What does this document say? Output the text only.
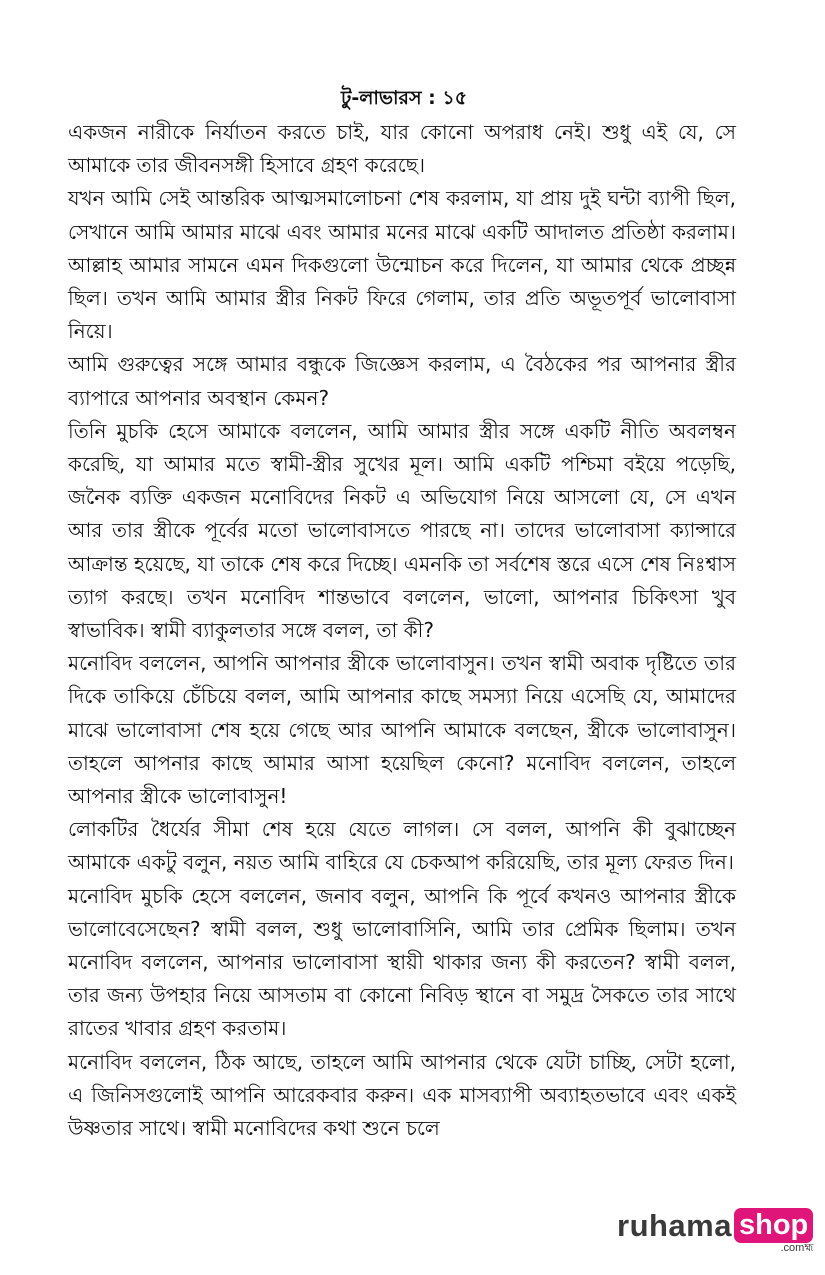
টু-লাভারস : ১৫

একজন নারীকে নির্যাতন করতে চাই, যার কোনো অপরাধ নেই। শুধু এই যে, সে আমাকে তার জীবনসঙ্গী হিসাবে গ্রহণ করেছে।

যখন আমি সেই আন্তরিক আত্মসমালোচনা শেষ করলাম, যা প্রায় দুই ঘন্টা ব্যাপী ছিল, সেখানে আমি আমার মাঝে এবং আমার মনের মাঝে একটি আদালত প্রতিষ্ঠা করলাম। আল্লাহ আমার সামনে এমন দিকগুলো উন্মোচন করে দিলেন, যা আমার থেকে প্রচ্ছন্ন ছিল। তখন আমি আমার স্ত্রীর নিকট ফিরে গেলাম, তার প্রতি অভূতপূর্ব ভালোবাসা নিয়ে।

আমি গুরুত্বের সঙ্গে আমার বন্ধুকে জিজ্ঞেস করলাম, এ বৈঠকের পর আপনার স্ত্রীর ব্যাপারে আপনার অবস্থান কেমন?

তিনি মুচকি হেসে আমাকে বললেন, আমি আমার স্ত্রীর সঙ্গে একটি নীতি অবলম্বন করেছি, যা আমার মতে স্বামী-স্ত্রীর সুখের মূল। আমি একটি পশ্চিমা বইয়ে পড়েছি, জনৈক ব্যক্তি একজন মনোবিদের নিকট এ অভিযোগ নিয়ে আসলো যে, সে এখন আর তার স্ত্রীকে পূর্বের মতো ভালোবাসতে পারছে না। তাদের ভালোবাসা ক্যান্সারে আক্রান্ত হয়েছে, যা তাকে শেষ করে দিচ্ছে। এমনকি তা সর্বশেষ স্তরে এসে শেষ নিঃশ্বাস ত্যাগ করছে। তখন মনোবিদ শান্তভাবে বললেন, ভালো, আপনার চিকিৎসা খুব স্বাভাবিক। স্বামী ব্যাকুলতার সঙ্গে বলল, তা কী?

মনোবিদ বললেন, আপনি আপনার স্ত্রীকে ভালোবাসুন। তখন স্বামী অবাক দৃষ্টিতে তার দিকে তাকিয়ে চেঁচিয়ে বলল, আমি আপনার কাছে সমস্যা নিয়ে এসেছি যে, আমাদের মাঝে ভালোবাসা শেষ হয়ে গেছে আর আপনি আমাকে বলছেন, স্ত্রীকে ভালোবাসুন। তাহলে আপনার কাছে আমার আসা হয়েছিল কেনো? মনোবিদ বললেন, তাহলে আপনার স্ত্রীকে ভালোবাসুন!

লোকটির ধৈর্যের সীমা শেষ হয়ে যেতে লাগল। সে বলল, আপনি কী বুঝাচ্ছেন আমাকে একটু বলুন, নয়ত আমি বাহিরে যে চেকআপ করিয়েছি, তার মূল্য ফেরত দিন।

মনোবিদ মুচকি হেসে বললেন, জনাব বলুন, আপনি কি পূর্বে কখনও আপনার স্ত্রীকে ভালোবেসেছেন? স্বামী বলল, শুধু ভালোবাসিনি, আমি তার প্রেমিক ছিলাম। তখন মনোবিদ বললেন, আপনার ভালোবাসা স্থায়ী থাকার জন্য কী করতেন? স্বামী বলল, তার জন্য উপহার নিয়ে আসতাম বা কোনো নিবিড় স্থানে বা সমুদ্র সৈকতে তার সাথে রাতের খাবার গ্রহণ করতাম।

মনোবিদ বললেন, ঠিক আছে, তাহলে আমি আপনার থেকে যেটা চাচ্ছি, সেটা হলো, এ জিনিসগুলোই আপনি আরেকবার করুন। এক মাসব্যাপী অব্যাহতভাবে এবং একই উষ্ণতার সাথে। স্বামী মনোবিদের কথা শুনে চলে

ruhama shop
.comহ্ম
